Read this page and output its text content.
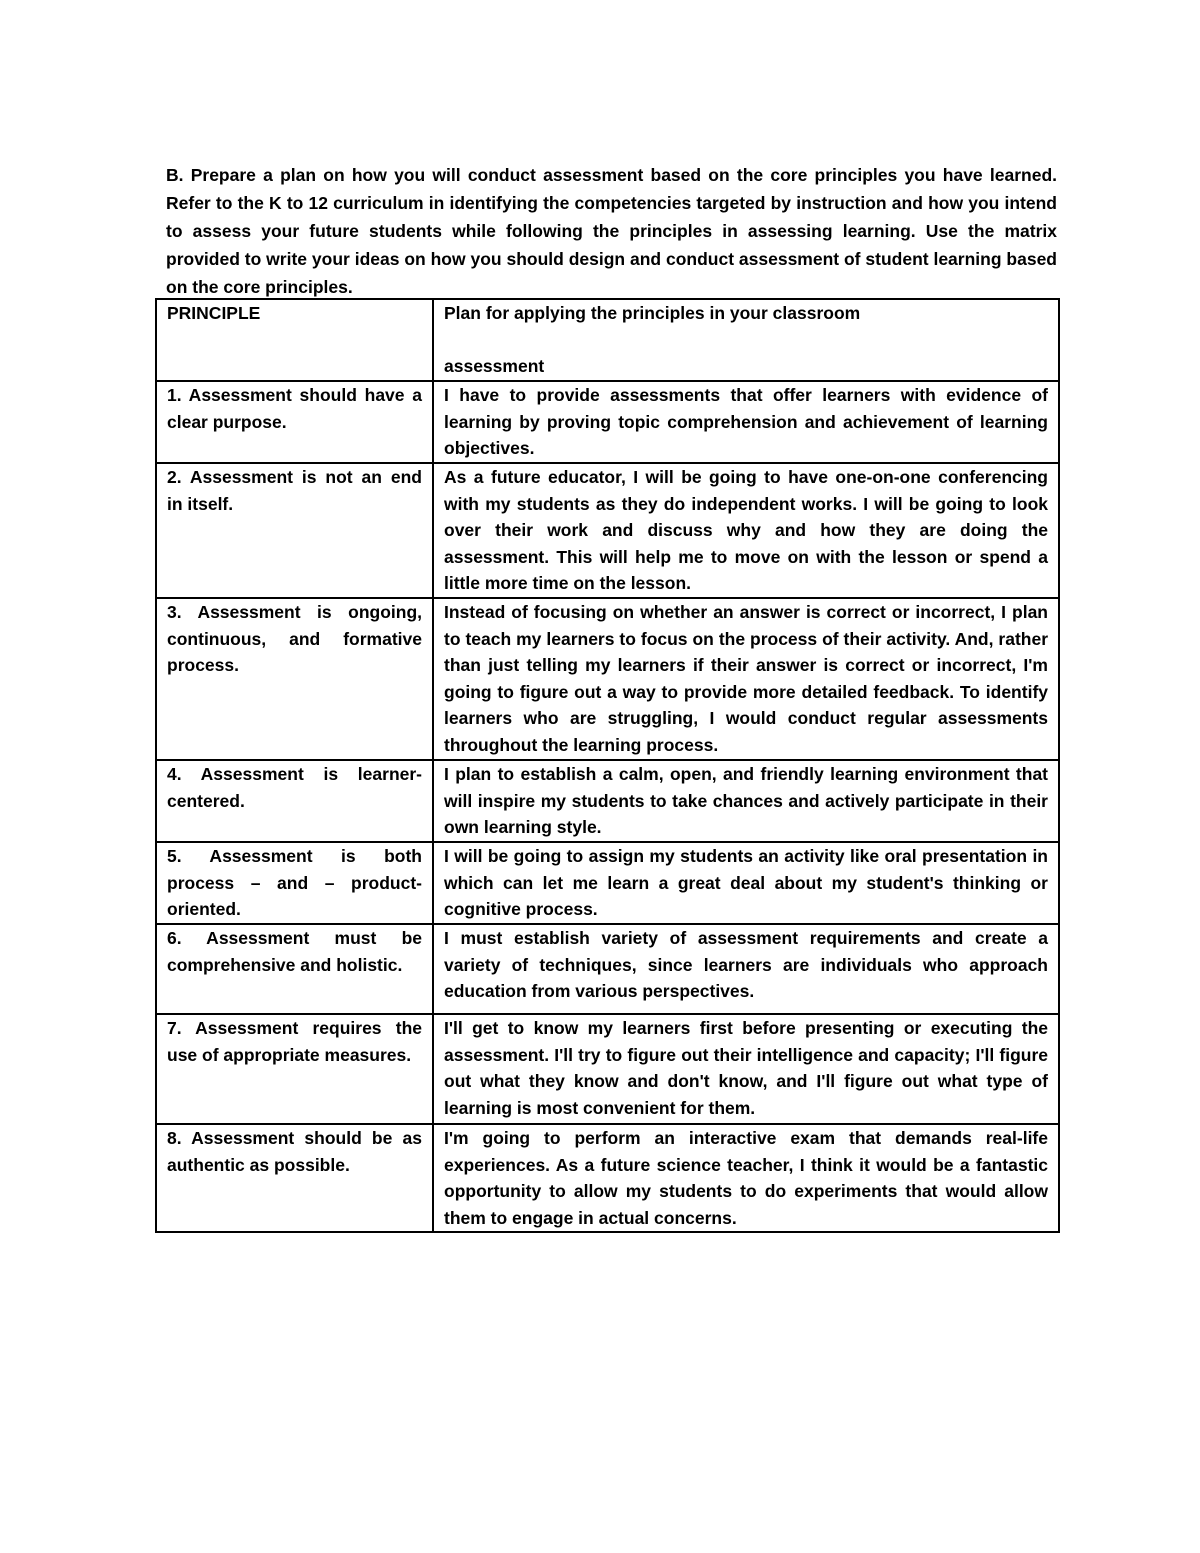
B. Prepare a plan on how you will conduct assessment based on the core principles you have learned. Refer to the K to 12 curriculum in identifying the competencies targeted by instruction and how you intend to assess your future students while following the principles in assessing learning. Use the matrix provided to write your ideas on how you should design and conduct assessment of student learning based on the core principles.

PRINCIPLE	Plan for applying the principles in your classroom
assessment

1. Assessment should have a clear purpose.	I have to provide assessments that offer learners with evidence of learning by proving topic comprehension and achievement of learning objectives.
2. Assessment is not an end in itself.	As a future educator, I will be going to have one-on-one conferencing with my students as they do independent works. I will be going to look over their work and discuss why and how they are doing the assessment. This will help me to move on with the lesson or spend a little more time on the lesson.
3. Assessment is ongoing, continuous, and formative process.	Instead of focusing on whether an answer is correct or incorrect, I plan to teach my learners to focus on the process of their activity. And, rather than just telling my learners if their answer is correct or incorrect, I'm going to figure out a way to provide more detailed feedback. To identify learners who are struggling, I would conduct regular assessments throughout the learning process.
4. Assessment is learner-centered.	I plan to establish a calm, open, and friendly learning environment that will inspire my students to take chances and actively participate in their own learning style.
5. Assessment is both process – and – product-oriented.	I will be going to assign my students an activity like oral presentation in which can let me learn a great deal about my student's thinking or cognitive process.
6. Assessment must be comprehensive and holistic.	I must establish variety of assessment requirements and create a variety of techniques, since learners are individuals who approach education from various perspectives.
7. Assessment requires the use of appropriate measures.	I'll get to know my learners first before presenting or executing the assessment. I'll try to figure out their intelligence and capacity; I'll figure out what they know and don't know, and I'll figure out what type of learning is most convenient for them.
8. Assessment should be as authentic as possible.	I'm going to perform an interactive exam that demands real-life experiences. As a future science teacher, I think it would be a fantastic opportunity to allow my students to do experiments that would allow them to engage in actual concerns.
